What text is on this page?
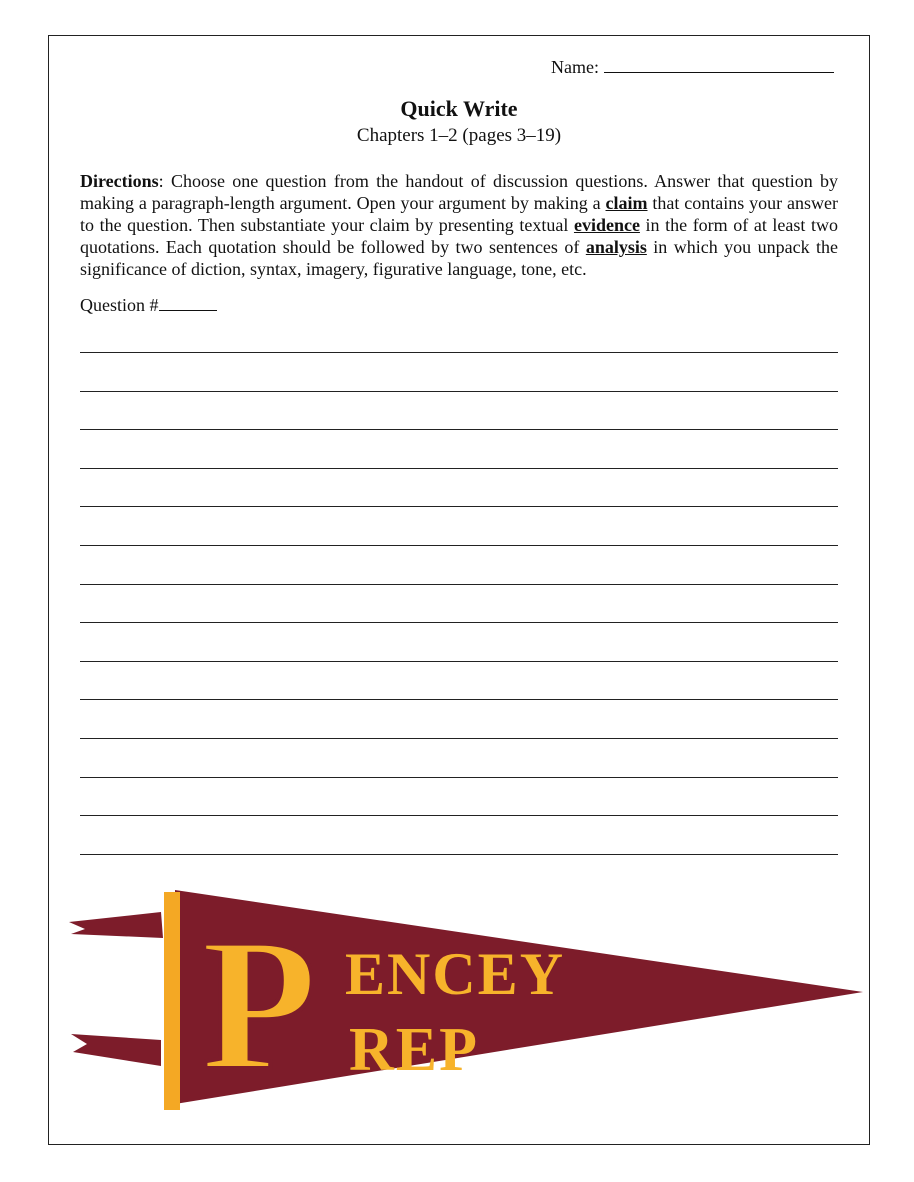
Name:
Quick Write
Chapters 1–2 (pages 3–19)
Directions: Choose one question from the handout of discussion questions. Answer that question by making a paragraph-length argument. Open your argument by making a claim that contains your answer to the question. Then substantiate your claim by presenting textual evidence in the form of at least two quotations. Each quotation should be followed by two sentences of analysis in which you unpack the significance of diction, syntax, imagery, figurative language, tone, etc.
Question #
P ENCEY
REP
